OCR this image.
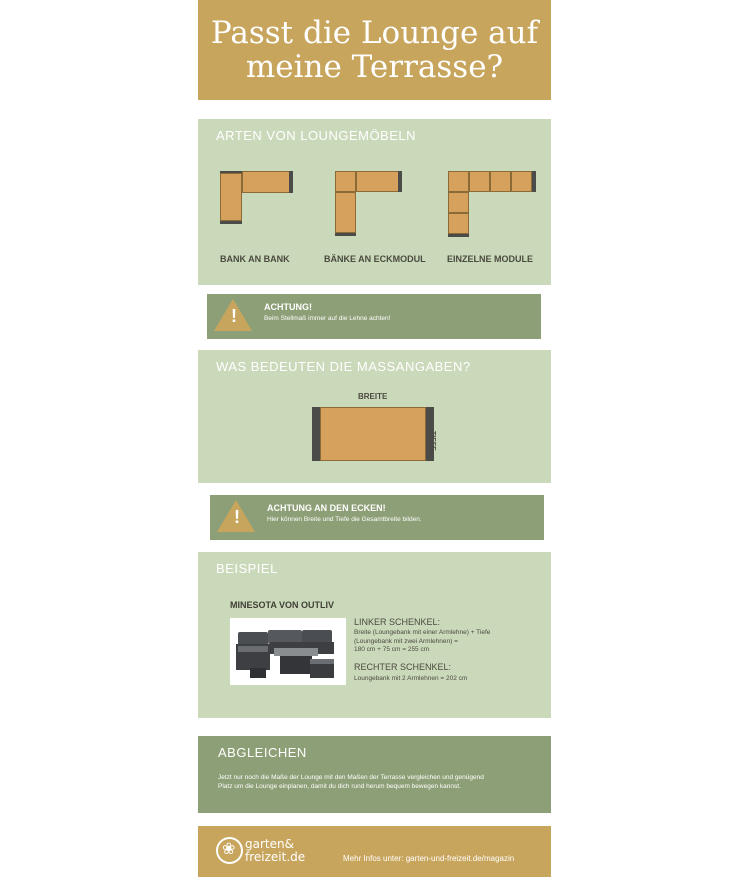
Passt die Lounge auf
meine Terrasse?
ARTEN VON LOUNGEMÖBELN
BANK AN BANK	BÄNKE AN ECKMODUL EINZELNE MODULE
!	ACHTUNG!
Beim Stellmaß immer auf die Lehne achten!
WAS BEDEUTEN DIE MASSANGABEN?
BREITE
TIEFE
!	ACHTUNG AN DEN ECKEN!
Hier können Breite und Tiefe die Gesamtbreite bilden.
BEISPIEL
MINESOTA VON OUTLIV
LINKER SCHENKEL:
Breite (Loungebank mit einer Armlehne) + Tiefe
(Loungebank mit zwei Armlehnen) =
180 cm + 75 cm = 255 cm
RECHTER SCHENKEL:
Loungebank mit 2 Armlehnen = 202 cm
ABGLEICHEN
Jetzt nur noch die Maße der Lounge mit den Maßen der Terrasse vergleichen und genügend
Platz um die Lounge einplanen, damit du dich rund herum bequem bewegen kannst.
❀ garten&
freizeit.de	Mehr Infos unter: garten-und-freizeit.de/magazin
